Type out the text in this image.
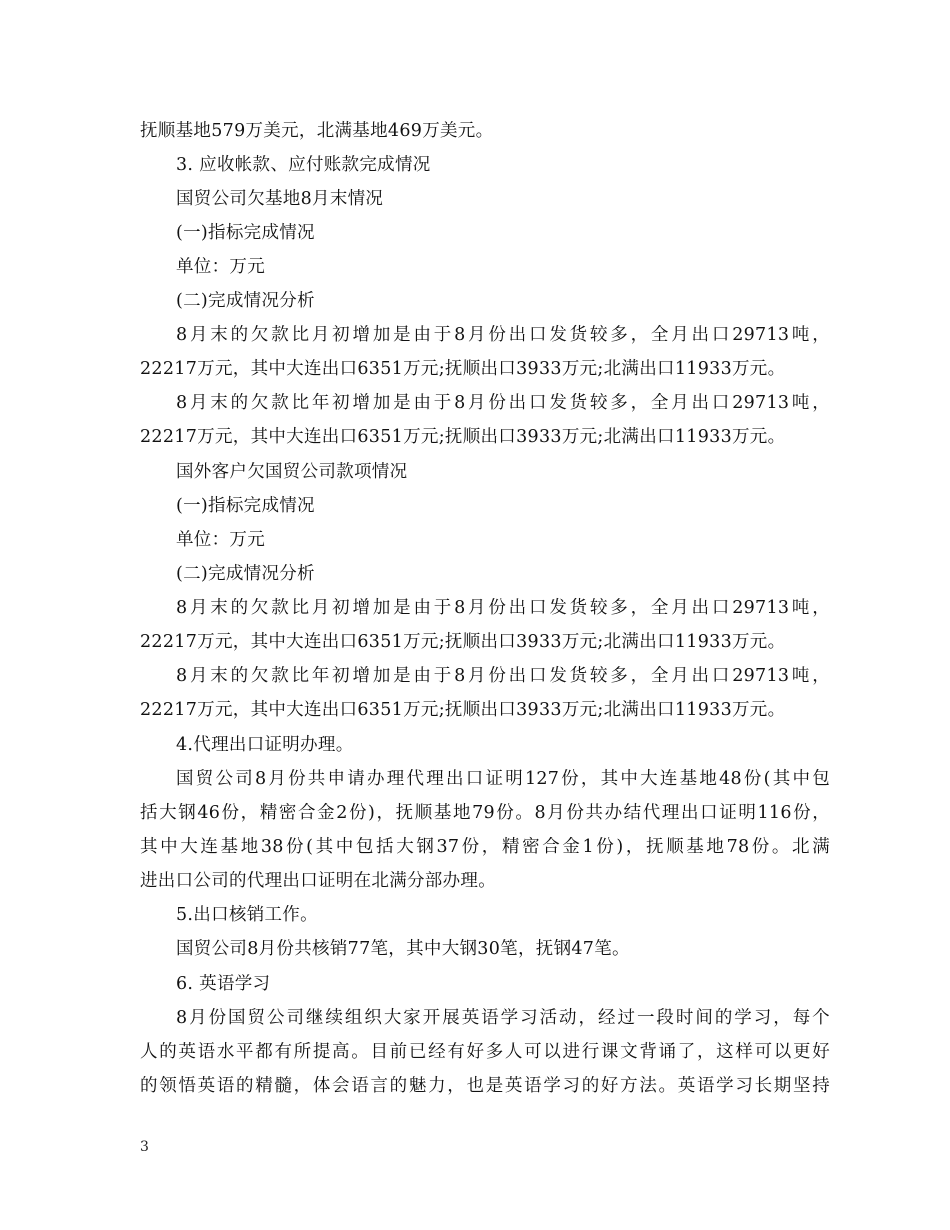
抚顺基地579万美元，北满基地469万美元。
3. 应收帐款、应付账款完成情况
国贸公司欠基地8月末情况
(一)指标完成情况
单位：万元
(二)完成情况分析
8月末的欠款比月初增加是由于8月份出口发货较多，全月出口29713吨，
22217万元，其中大连出口6351万元;抚顺出口3933万元;北满出口11933万元。
8月末的欠款比年初增加是由于8月份出口发货较多，全月出口29713吨，
22217万元，其中大连出口6351万元;抚顺出口3933万元;北满出口11933万元。
国外客户欠国贸公司款项情况
(一)指标完成情况
单位：万元
(二)完成情况分析
8月末的欠款比月初增加是由于8月份出口发货较多，全月出口29713吨，
22217万元，其中大连出口6351万元;抚顺出口3933万元;北满出口11933万元。
8月末的欠款比年初增加是由于8月份出口发货较多，全月出口29713吨，
22217万元，其中大连出口6351万元;抚顺出口3933万元;北满出口11933万元。
4.代理出口证明办理。
国贸公司8月份共申请办理代理出口证明127份，其中大连基地48份(其中包
括大钢46份，精密合金2份)，抚顺基地79份。8月份共办结代理出口证明116份，
其中大连基地38份(其中包括大钢37份，精密合金1份)，抚顺基地78份。北满
进出口公司的代理出口证明在北满分部办理。
5.出口核销工作。
国贸公司8月份共核销77笔，其中大钢30笔，抚钢47笔。
6. 英语学习
8月份国贸公司继续组织大家开展英语学习活动，经过一段时间的学习，每个
人的英语水平都有所提高。目前已经有好多人可以进行课文背诵了，这样可以更好
的领悟英语的精髓，体会语言的魅力，也是英语学习的好方法。英语学习长期坚持
3
